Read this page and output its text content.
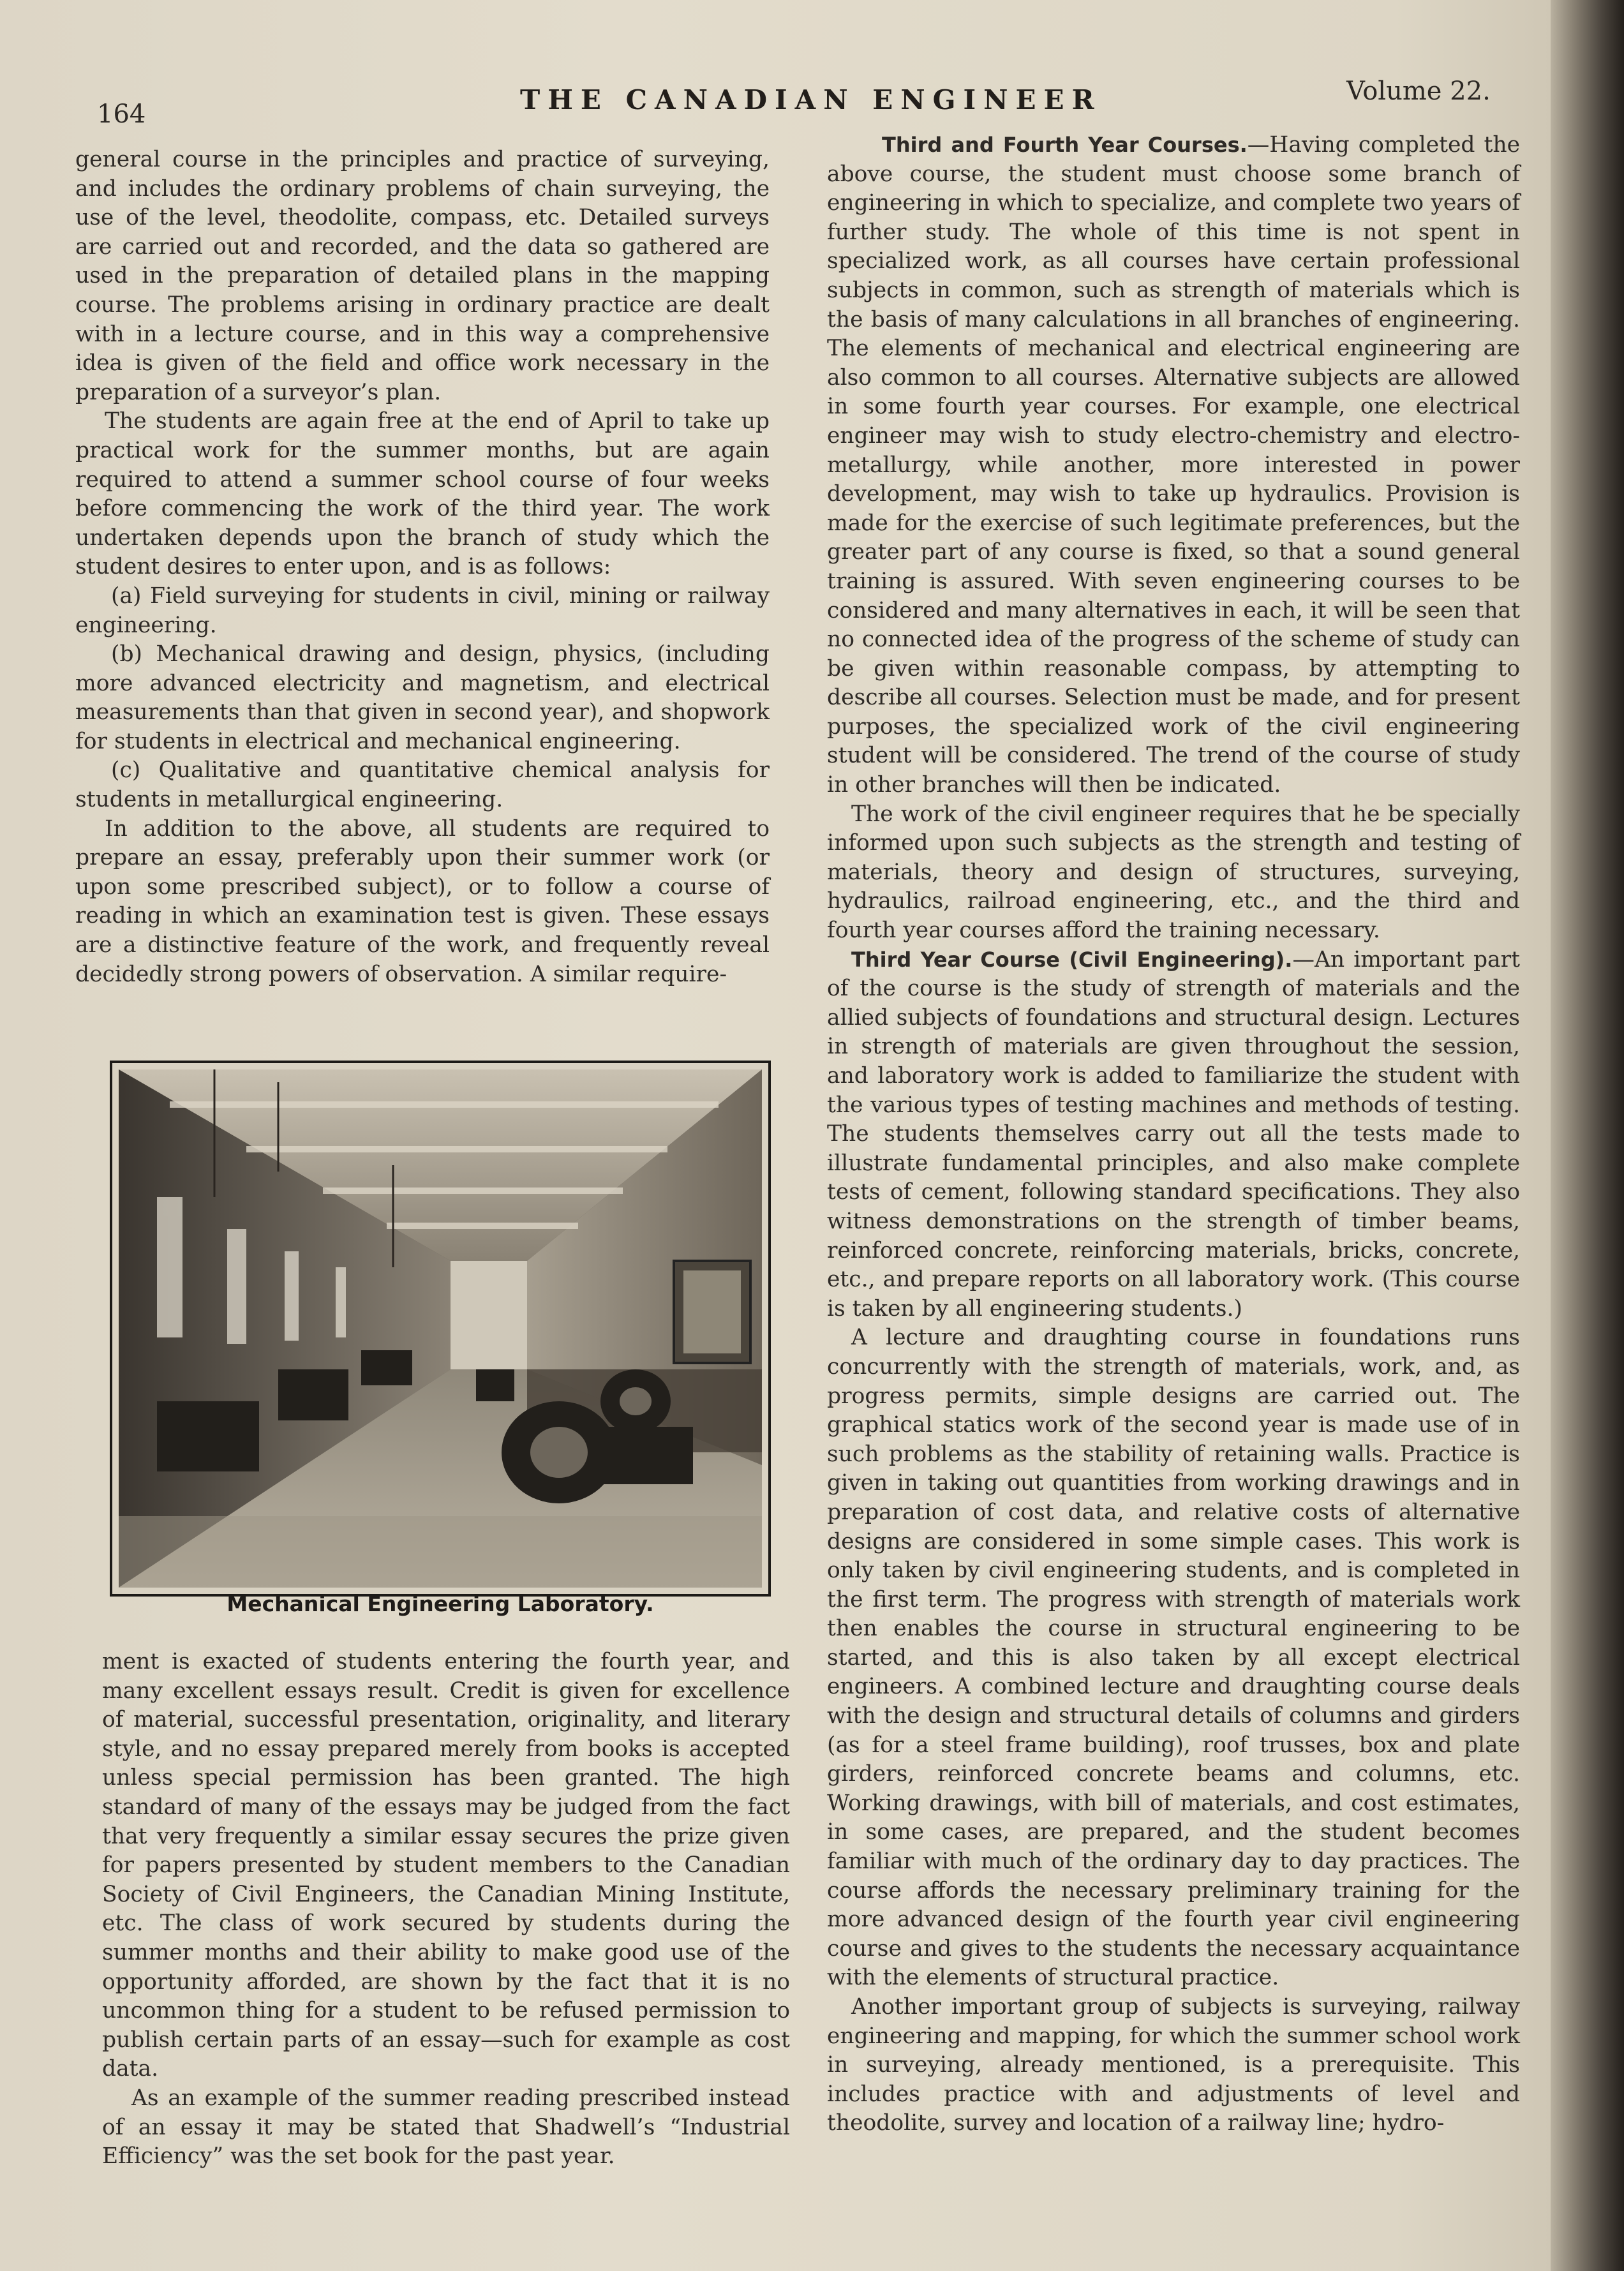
164	THE CANADIAN ENGINEER	Volume 22.

general course in the principles and practice of surveying, and includes the ordinary problems of chain surveying, the use of the level, theodolite, compass, etc. Detailed surveys are carried out and recorded, and the data so gathered are used in the preparation of detailed plans in the mapping course. The problems arising in ordinary practice are dealt with in a lecture course, and in this way a comprehensive idea is given of the field and office work necessary in the preparation of a surveyor’s plan.

The students are again free at the end of April to take up practical work for the summer months, but are again required to attend a summer school course of four weeks before commencing the work of the third year. The work undertaken depends upon the branch of study which the student desires to enter upon, and is as follows:

(a) Field surveying for students in civil, mining or railway engineering.

(b) Mechanical drawing and design, physics, (including more advanced electricity and magnetism, and electrical measurements than that given in second year), and shopwork for students in electrical and mechanical engineering.

(c) Qualitative and quantitative chemical analysis for students in metallurgical engineering.

In addition to the above, all students are required to prepare an essay, preferably upon their summer work (or upon some prescribed subject), or to follow a course of reading in which an examination test is given. These essays are a distinctive feature of the work, and frequently reveal decidedly strong powers of observation. A similar require-

Mechanical Engineering Laboratory.

ment is exacted of students entering the fourth year, and many excellent essays result. Credit is given for excellence of material, successful presentation, originality, and literary style, and no essay prepared merely from books is accepted unless special permission has been granted. The high standard of many of the essays may be judged from the fact that very frequently a similar essay secures the prize given for papers presented by student members to the Canadian Society of Civil Engineers, the Canadian Mining Institute, etc. The class of work secured by students during the summer months and their ability to make good use of the opportunity afforded, are shown by the fact that it is no uncommon thing for a student to be refused permission to publish certain parts of an essay—such for example as cost data.

As an example of the summer reading prescribed instead of an essay it may be stated that Shadwell’s “Industrial Efficiency” was the set book for the past year.

Third and Fourth Year Courses.—Having completed the above course, the student must choose some branch of engineering in which to specialize, and complete two years of further study. The whole of this time is not spent in specialized work, as all courses have certain professional subjects in common, such as strength of materials which is the basis of many calculations in all branches of engineering. The elements of mechanical and electrical engineering are also common to all courses. Alternative subjects are allowed in some fourth year courses. For example, one electrical engineer may wish to study electro-chemistry and electro-metallurgy, while another, more interested in power development, may wish to take up hydraulics. Provision is made for the exercise of such legitimate preferences, but the greater part of any course is fixed, so that a sound general training is assured. With seven engineering courses to be considered and many alternatives in each, it will be seen that no connected idea of the progress of the scheme of study can be given within reasonable compass, by attempting to describe all courses. Selection must be made, and for present purposes, the specialized work of the civil engineering student will be considered. The trend of the course of study in other branches will then be indicated.

The work of the civil engineer requires that he be specially informed upon such subjects as the strength and testing of materials, theory and design of structures, surveying, hydraulics, railroad engineering, etc., and the third and fourth year courses afford the training necessary.

Third Year Course (Civil Engineering).—An important part of the course is the study of strength of materials and the allied subjects of foundations and structural design. Lectures in strength of materials are given throughout the session, and laboratory work is added to familiarize the student with the various types of testing machines and methods of testing. The students themselves carry out all the tests made to illustrate fundamental principles, and also make complete tests of cement, following standard specifications. They also witness demonstrations on the strength of timber beams, reinforced concrete, reinforcing materials, bricks, concrete, etc., and prepare reports on all laboratory work. (This course is taken by all engineering students.)

A lecture and draughting course in foundations runs concurrently with the strength of materials, work, and, as progress permits, simple designs are carried out. The graphical statics work of the second year is made use of in such problems as the stability of retaining walls. Practice is given in taking out quantities from working drawings and in preparation of cost data, and relative costs of alternative designs are considered in some simple cases. This work is only taken by civil engineering students, and is completed in the first term. The progress with strength of materials work then enables the course in structural engineering to be started, and this is also taken by all except electrical engineers. A combined lecture and draughting course deals with the design and structural details of columns and girders (as for a steel frame building), roof trusses, box and plate girders, reinforced concrete beams and columns, etc. Working drawings, with bill of materials, and cost estimates, in some cases, are prepared, and the student becomes familiar with much of the ordinary day to day practices. The course affords the necessary preliminary training for the more advanced design of the fourth year civil engineering course and gives to the students the necessary acquaintance with the elements of structural practice.

Another important group of subjects is surveying, railway engineering and mapping, for which the summer school work in surveying, already mentioned, is a prerequisite. This includes practice with and adjustments of level and theodolite, survey and location of a railway line; hydro-
